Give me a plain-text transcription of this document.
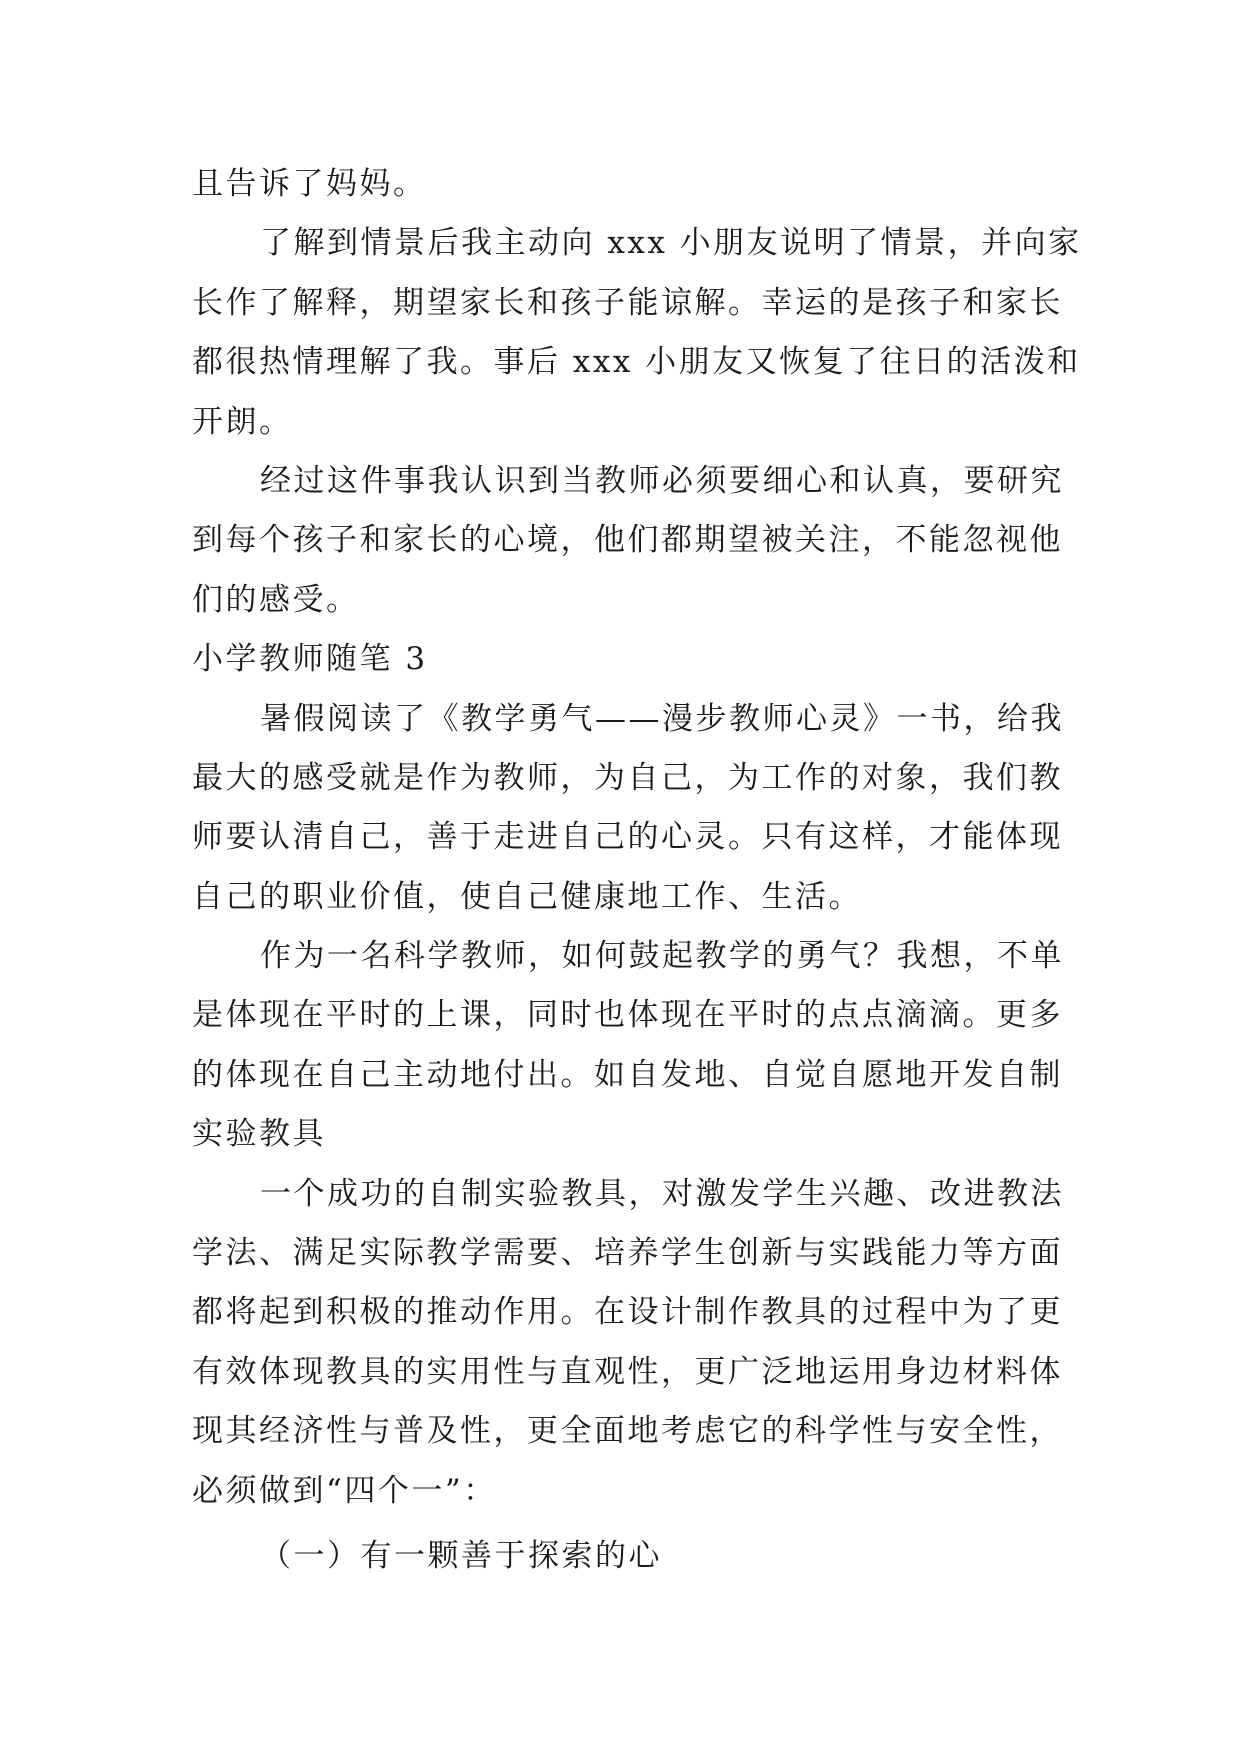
且告诉了妈妈。
了解到情景后我主动向 xxx 小朋友说明了情景，并向家
长作了解释，期望家长和孩子能谅解。幸运的是孩子和家长
都很热情理解了我。事后 xxx 小朋友又恢复了往日的活泼和
开朗。
经过这件事我认识到当教师必须要细心和认真，要研究
到每个孩子和家长的心境，他们都期望被关注，不能忽视他
们的感受。
小学教师随笔 3
暑假阅读了《教学勇气——漫步教师心灵》一书，给我
最大的感受就是作为教师，为自己，为工作的对象，我们教
师要认清自己，善于走进自己的心灵。只有这样，才能体现
自己的职业价值，使自己健康地工作、生活。
作为一名科学教师，如何鼓起教学的勇气？我想，不单
是体现在平时的上课，同时也体现在平时的点点滴滴。更多
的体现在自己主动地付出。如自发地、自觉自愿地开发自制
实验教具
一个成功的自制实验教具，对激发学生兴趣、改进教法
学法、满足实际教学需要、培养学生创新与实践能力等方面
都将起到积极的推动作用。在设计制作教具的过程中为了更
有效体现教具的实用性与直观性，更广泛地运用身边材料体
现其经济性与普及性，更全面地考虑它的科学性与安全性，
必须做到“四个一”：
（一）有一颗善于探索的心
